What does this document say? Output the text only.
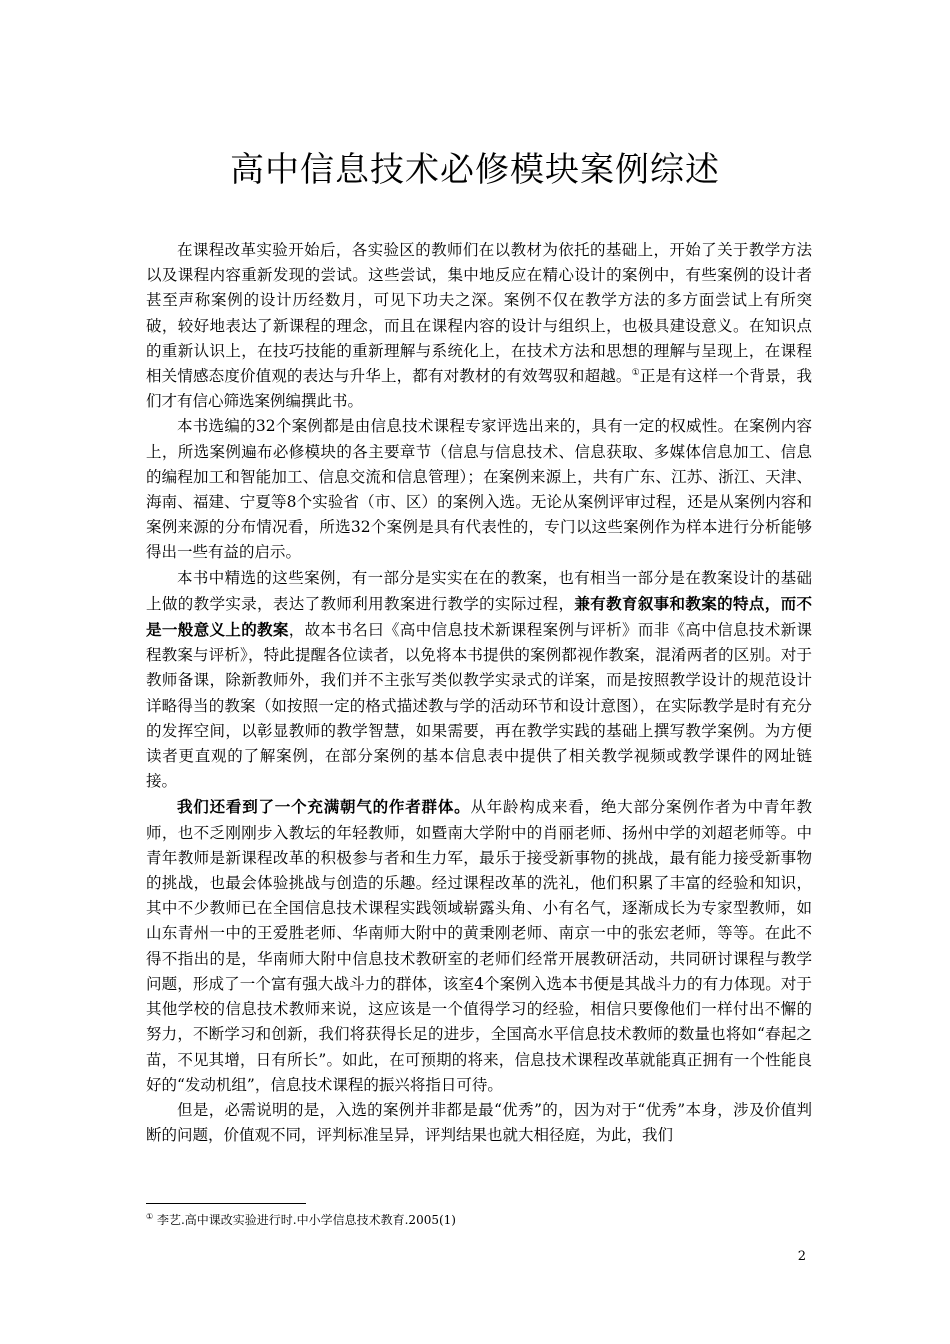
高中信息技术必修模块案例综述

在课程改革实验开始后，各实验区的教师们在以教材为依托的基础上，开始了关于教学方法以及课程内容重新发现的尝试。这些尝试，集中地反应在精心设计的案例中，有些案例的设计者甚至声称案例的设计历经数月，可见下功夫之深。案例不仅在教学方法的多方面尝试上有所突破，较好地表达了新课程的理念，而且在课程内容的设计与组织上，也极具建设意义。在知识点的重新认识上，在技巧技能的重新理解与系统化上，在技术方法和思想的理解与呈现上，在课程相关情感态度价值观的表达与升华上，都有对教材的有效驾驭和超越。①正是有这样一个背景，我们才有信心筛选案例编撰此书。

本书选编的32个案例都是由信息技术课程专家评选出来的，具有一定的权威性。在案例内容上，所选案例遍布必修模块的各主要章节（信息与信息技术、信息获取、多媒体信息加工、信息的编程加工和智能加工、信息交流和信息管理）；在案例来源上，共有广东、江苏、浙江、天津、海南、福建、宁夏等8个实验省（市、区）的案例入选。无论从案例评审过程，还是从案例内容和案例来源的分布情况看，所选32个案例是具有代表性的，专门以这些案例作为样本进行分析能够得出一些有益的启示。

本书中精选的这些案例，有一部分是实实在在的教案，也有相当一部分是在教案设计的基础上做的教学实录，表达了教师利用教案进行教学的实际过程，兼有教育叙事和教案的特点，而不是一般意义上的教案，故本书名曰《高中信息技术新课程案例与评析》而非《高中信息技术新课程教案与评析》，特此提醒各位读者，以免将本书提供的案例都视作教案，混淆两者的区别。对于教师备课，除新教师外，我们并不主张写类似教学实录式的详案，而是按照教学设计的规范设计详略得当的教案（如按照一定的格式描述教与学的活动环节和设计意图），在实际教学是时有充分的发挥空间，以彰显教师的教学智慧，如果需要，再在教学实践的基础上撰写教学案例。为方便读者更直观的了解案例，在部分案例的基本信息表中提供了相关教学视频或教学课件的网址链接。

我们还看到了一个充满朝气的作者群体。从年龄构成来看，绝大部分案例作者为中青年教师，也不乏刚刚步入教坛的年轻教师，如暨南大学附中的肖丽老师、扬州中学的刘超老师等。中青年教师是新课程改革的积极参与者和生力军，最乐于接受新事物的挑战，最有能力接受新事物的挑战，也最会体验挑战与创造的乐趣。经过课程改革的洗礼，他们积累了丰富的经验和知识，其中不少教师已在全国信息技术课程实践领域崭露头角、小有名气，逐渐成长为专家型教师，如山东青州一中的王爱胜老师、华南师大附中的黄秉刚老师、南京一中的张宏老师，等等。在此不得不指出的是，华南师大附中信息技术教研室的老师们经常开展教研活动，共同研讨课程与教学问题，形成了一个富有强大战斗力的群体，该室4个案例入选本书便是其战斗力的有力体现。对于其他学校的信息技术教师来说，这应该是一个值得学习的经验，相信只要像他们一样付出不懈的努力，不断学习和创新，我们将获得长足的进步，全国高水平信息技术教师的数量也将如“春起之苗，不见其增，日有所长”。如此，在可预期的将来，信息技术课程改革就能真正拥有一个性能良好的“发动机组”，信息技术课程的振兴将指日可待。

但是，必需说明的是，入选的案例并非都是最“优秀”的，因为对于“优秀”本身，涉及价值判断的问题，价值观不同，评判标准呈异，评判结果也就大相径庭，为此，我们

① 李艺.高中课改实验进行时.中小学信息技术教育.2005(1)

2
